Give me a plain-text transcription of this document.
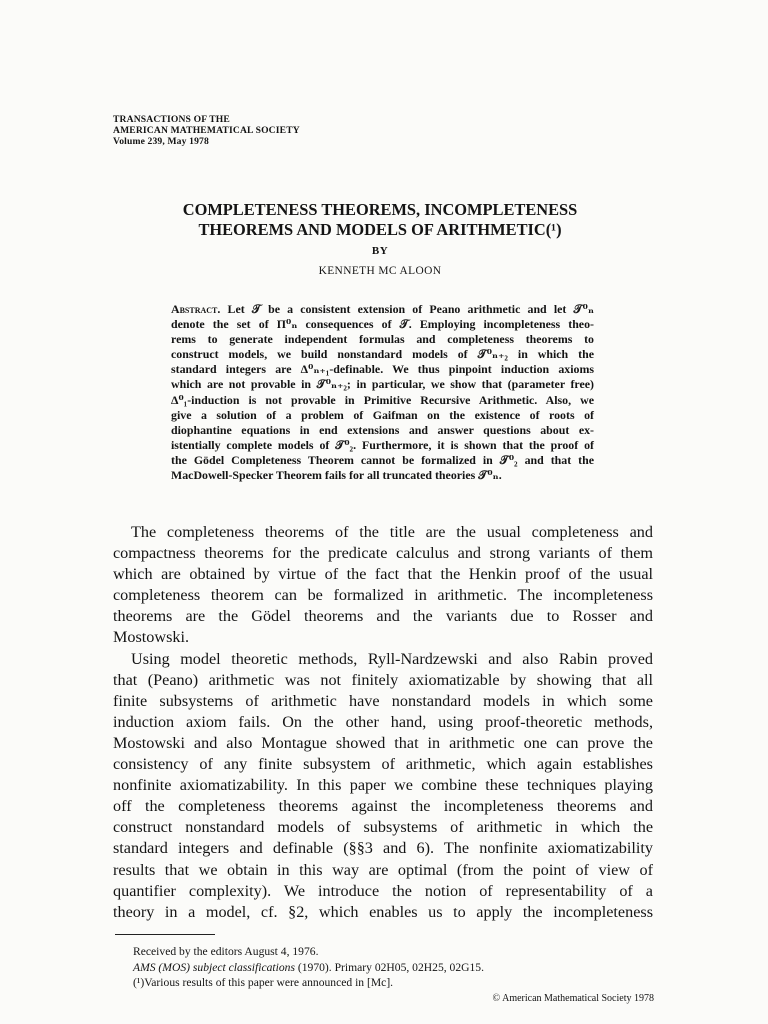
TRANSACTIONS OF THE
AMERICAN MATHEMATICAL SOCIETY
Volume 239, May 1978
COMPLETENESS THEOREMS, INCOMPLETENESS
THEOREMS AND MODELS OF ARITHMETIC(¹)
BY
KENNETH MC ALOON
Abstract. Let 𝒯 be a consistent extension of Peano arithmetic and let 𝒯⁰ₙ
denote the set of Π⁰ₙ consequences of 𝒯. Employing incompleteness theo-
rems to generate independent formulas and completeness theorems to
construct models, we build nonstandard models of 𝒯⁰ₙ₊₂ in which the
standard integers are Δ⁰ₙ₊₁-definable. We thus pinpoint induction axioms
which are not provable in 𝒯⁰ₙ₊₂; in particular, we show that (parameter free)
Δ⁰₁-induction is not provable in Primitive Recursive Arithmetic. Also, we
give a solution of a problem of Gaifman on the existence of roots of
diophantine equations in end extensions and answer questions about ex-
istentially complete models of 𝒯⁰₂. Furthermore, it is shown that the proof of
the Gödel Completeness Theorem cannot be formalized in 𝒯⁰₂ and that the
MacDowell-Specker Theorem fails for all truncated theories 𝒯⁰ₙ.
The completeness theorems of the title are the usual completeness and
compactness theorems for the predicate calculus and strong variants of them
which are obtained by virtue of the fact that the Henkin proof of the usual
completeness theorem can be formalized in arithmetic. The incompleteness
theorems are the Gödel theorems and the variants due to Rosser and
Mostowski.
Using model theoretic methods, Ryll-Nardzewski and also Rabin proved
that (Peano) arithmetic was not finitely axiomatizable by showing that all
finite subsystems of arithmetic have nonstandard models in which some
induction axiom fails. On the other hand, using proof-theoretic methods,
Mostowski and also Montague showed that in arithmetic one can prove the
consistency of any finite subsystem of arithmetic, which again establishes
nonfinite axiomatizability. In this paper we combine these techniques playing
off the completeness theorems against the incompleteness theorems and
construct nonstandard models of subsystems of arithmetic in which the
standard integers and definable (§§3 and 6). The nonfinite axiomatizability
results that we obtain in this way are optimal (from the point of view of
quantifier complexity). We introduce the notion of representability of a
theory in a model, cf. §2, which enables us to apply the incompleteness
Received by the editors August 4, 1976.
AMS (MOS) subject classifications (1970). Primary 02H05, 02H25, 02G15.
(¹)Various results of this paper were announced in [Mc].
© American Mathematical Society 1978
